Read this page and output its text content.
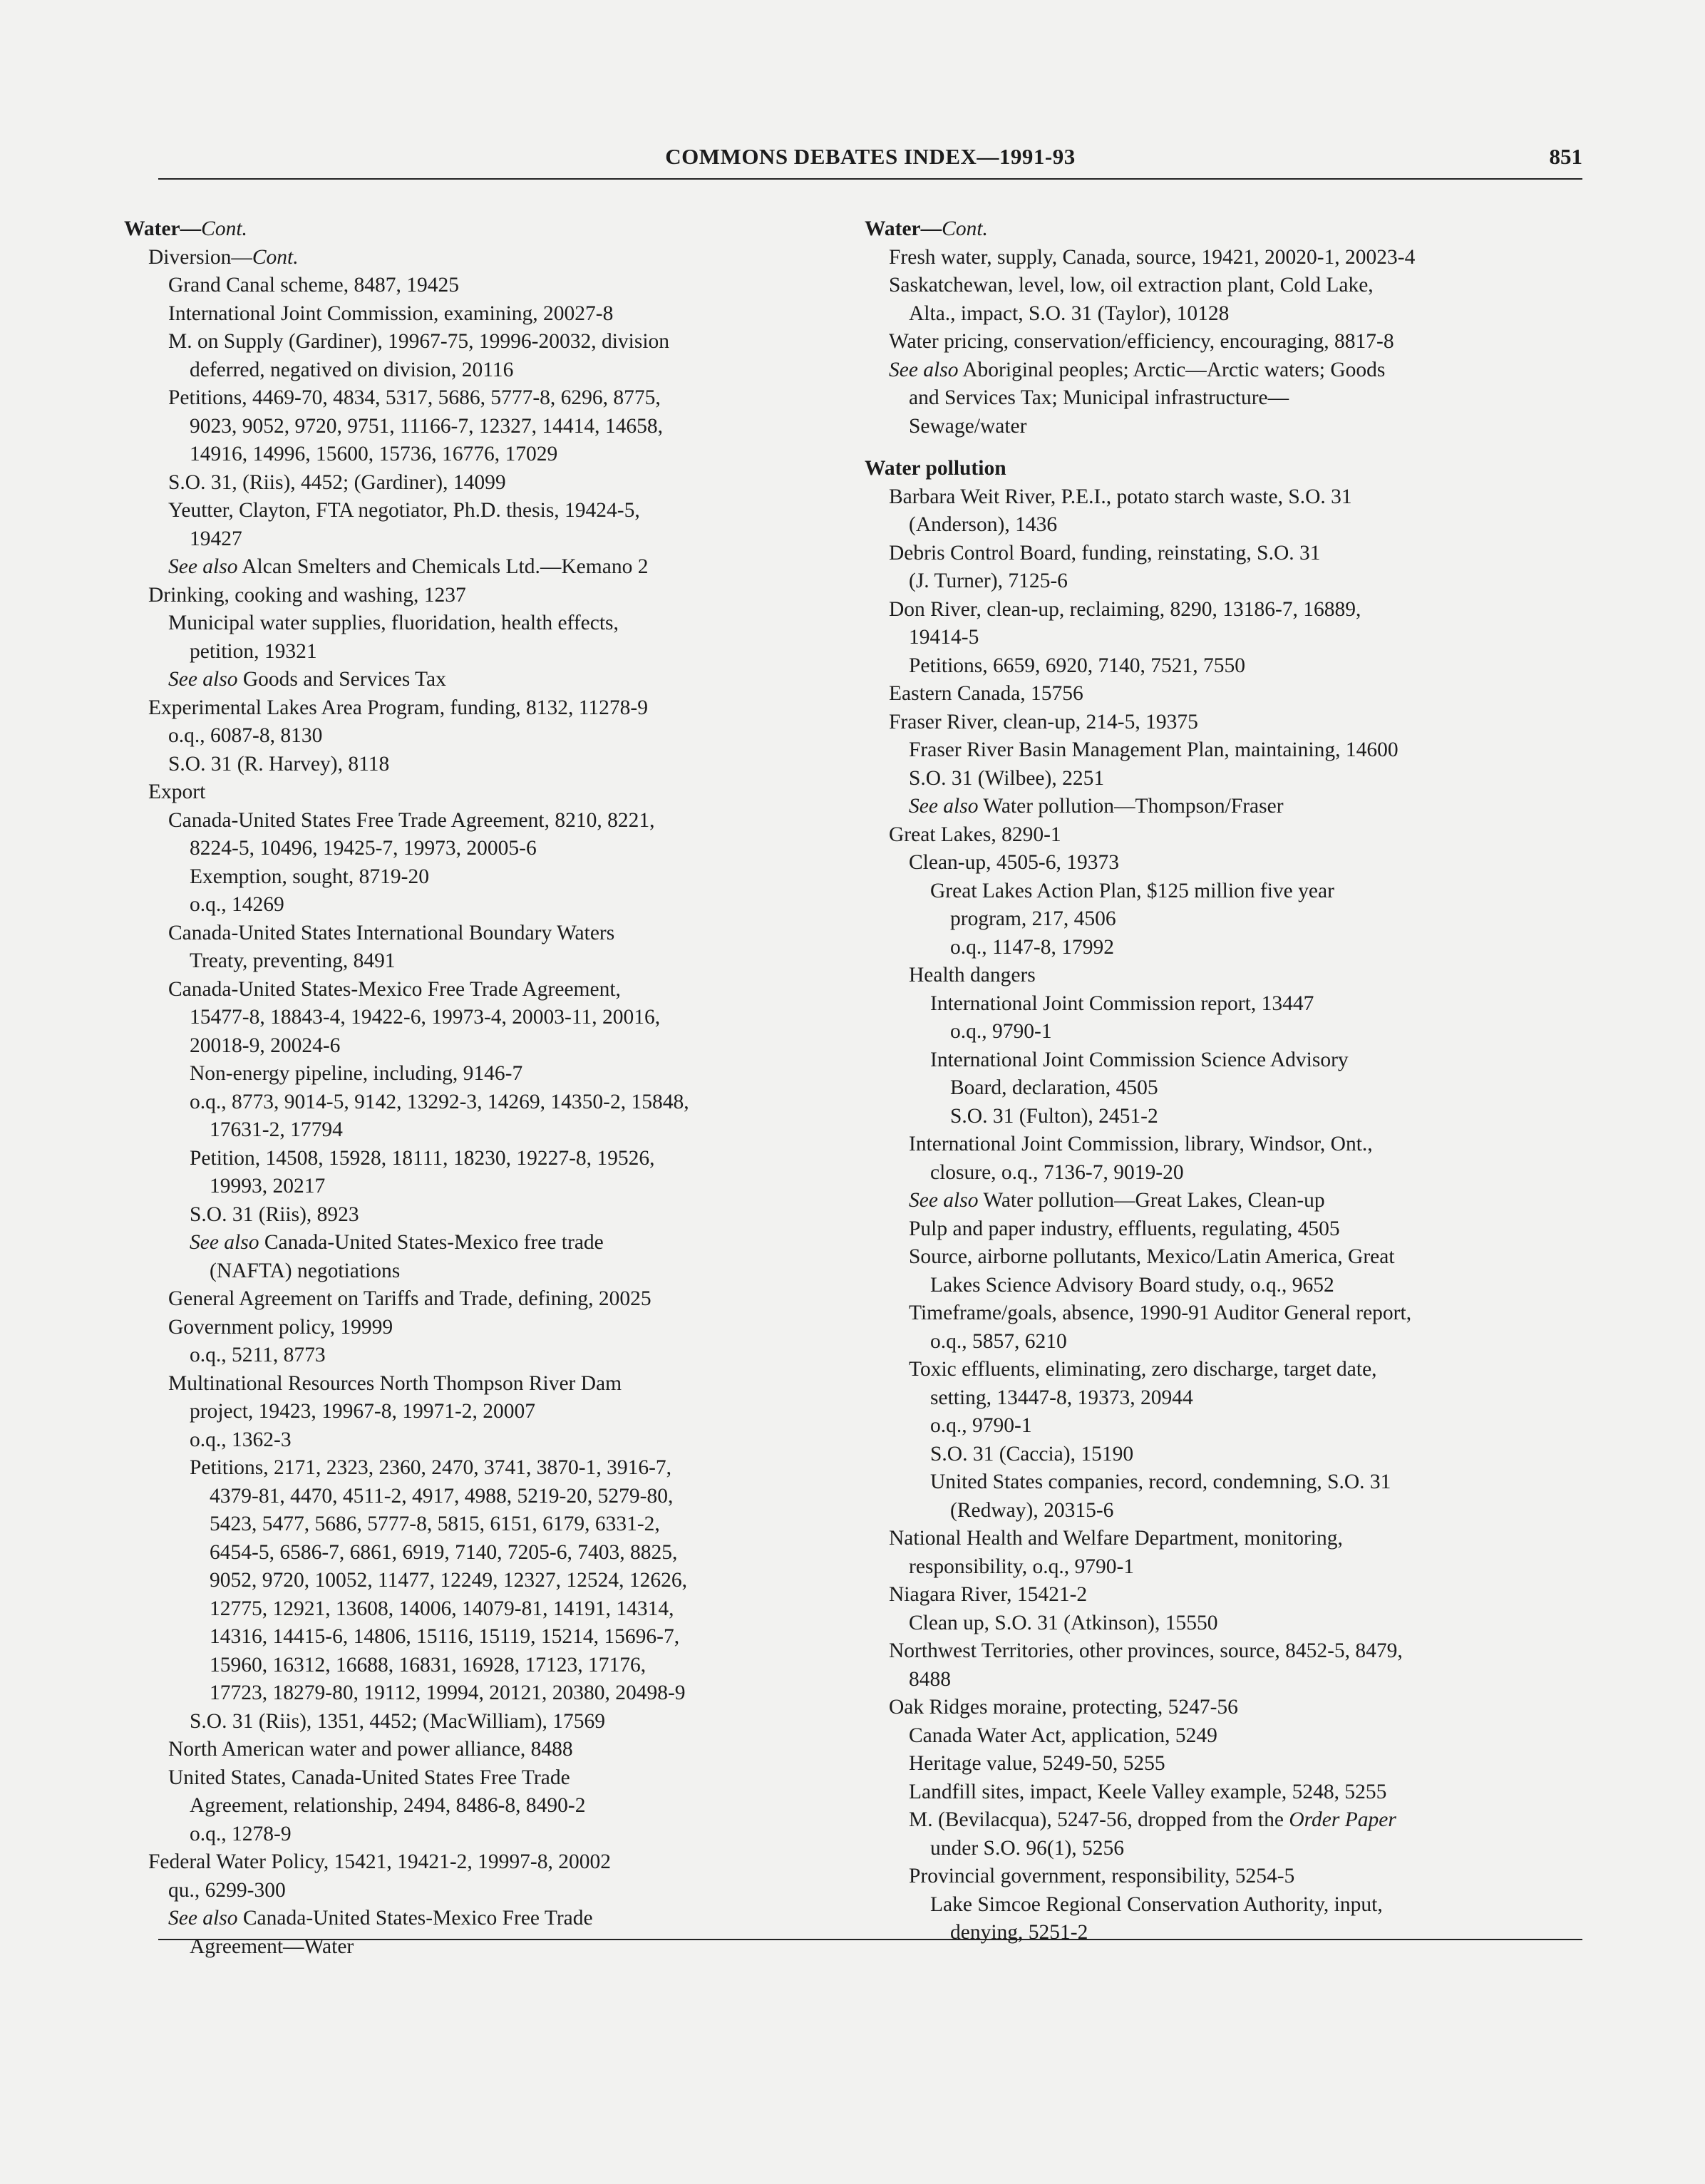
COMMONS DEBATES INDEX—1991-93	851
Water—Cont.
Diversion—Cont.
Grand Canal scheme, 8487, 19425
International Joint Commission, examining, 20027-8
M. on Supply (Gardiner), 19967-75, 19996-20032, division
deferred, negatived on division, 20116
Petitions, 4469-70, 4834, 5317, 5686, 5777-8, 6296, 8775,
9023, 9052, 9720, 9751, 11166-7, 12327, 14414, 14658,
14916, 14996, 15600, 15736, 16776, 17029
S.O. 31, (Riis), 4452; (Gardiner), 14099
Yeutter, Clayton, FTA negotiator, Ph.D. thesis, 19424-5,
19427
See also Alcan Smelters and Chemicals Ltd.—Kemano 2
Drinking, cooking and washing, 1237
Municipal water supplies, fluoridation, health effects,
petition, 19321
See also Goods and Services Tax
Experimental Lakes Area Program, funding, 8132, 11278-9
o.q., 6087-8, 8130
S.O. 31 (R. Harvey), 8118
Export
Canada-United States Free Trade Agreement, 8210, 8221,
8224-5, 10496, 19425-7, 19973, 20005-6
Exemption, sought, 8719-20
o.q., 14269
Canada-United States International Boundary Waters
Treaty, preventing, 8491
Canada-United States-Mexico Free Trade Agreement,
15477-8, 18843-4, 19422-6, 19973-4, 20003-11, 20016,
20018-9, 20024-6
Non-energy pipeline, including, 9146-7
o.q., 8773, 9014-5, 9142, 13292-3, 14269, 14350-2, 15848,
17631-2, 17794
Petition, 14508, 15928, 18111, 18230, 19227-8, 19526,
19993, 20217
S.O. 31 (Riis), 8923
See also Canada-United States-Mexico free trade
(NAFTA) negotiations
General Agreement on Tariffs and Trade, defining, 20025
Government policy, 19999
o.q., 5211, 8773
Multinational Resources North Thompson River Dam
project, 19423, 19967-8, 19971-2, 20007
o.q., 1362-3
Petitions, 2171, 2323, 2360, 2470, 3741, 3870-1, 3916-7,
4379-81, 4470, 4511-2, 4917, 4988, 5219-20, 5279-80,
5423, 5477, 5686, 5777-8, 5815, 6151, 6179, 6331-2,
6454-5, 6586-7, 6861, 6919, 7140, 7205-6, 7403, 8825,
9052, 9720, 10052, 11477, 12249, 12327, 12524, 12626,
12775, 12921, 13608, 14006, 14079-81, 14191, 14314,
14316, 14415-6, 14806, 15116, 15119, 15214, 15696-7,
15960, 16312, 16688, 16831, 16928, 17123, 17176,
17723, 18279-80, 19112, 19994, 20121, 20380, 20498-9
S.O. 31 (Riis), 1351, 4452; (MacWilliam), 17569
North American water and power alliance, 8488
United States, Canada-United States Free Trade
Agreement, relationship, 2494, 8486-8, 8490-2
o.q., 1278-9
Federal Water Policy, 15421, 19421-2, 19997-8, 20002
qu., 6299-300
See also Canada-United States-Mexico Free Trade
Agreement—Water
Water—Cont.
Fresh water, supply, Canada, source, 19421, 20020-1, 20023-4
Saskatchewan, level, low, oil extraction plant, Cold Lake,
Alta., impact, S.O. 31 (Taylor), 10128
Water pricing, conservation/efficiency, encouraging, 8817-8
See also Aboriginal peoples; Arctic—Arctic waters; Goods
and Services Tax; Municipal infrastructure—
Sewage/water
Water pollution
Barbara Weit River, P.E.I., potato starch waste, S.O. 31
(Anderson), 1436
Debris Control Board, funding, reinstating, S.O. 31
(J. Turner), 7125-6
Don River, clean-up, reclaiming, 8290, 13186-7, 16889,
19414-5
Petitions, 6659, 6920, 7140, 7521, 7550
Eastern Canada, 15756
Fraser River, clean-up, 214-5, 19375
Fraser River Basin Management Plan, maintaining, 14600
S.O. 31 (Wilbee), 2251
See also Water pollution—Thompson/Fraser
Great Lakes, 8290-1
Clean-up, 4505-6, 19373
Great Lakes Action Plan, $125 million five year
program, 217, 4506
o.q., 1147-8, 17992
Health dangers
International Joint Commission report, 13447
o.q., 9790-1
International Joint Commission Science Advisory
Board, declaration, 4505
S.O. 31 (Fulton), 2451-2
International Joint Commission, library, Windsor, Ont.,
closure, o.q., 7136-7, 9019-20
See also Water pollution—Great Lakes, Clean-up
Pulp and paper industry, effluents, regulating, 4505
Source, airborne pollutants, Mexico/Latin America, Great
Lakes Science Advisory Board study, o.q., 9652
Timeframe/goals, absence, 1990-91 Auditor General report,
o.q., 5857, 6210
Toxic effluents, eliminating, zero discharge, target date,
setting, 13447-8, 19373, 20944
o.q., 9790-1
S.O. 31 (Caccia), 15190
United States companies, record, condemning, S.O. 31
(Redway), 20315-6
National Health and Welfare Department, monitoring,
responsibility, o.q., 9790-1
Niagara River, 15421-2
Clean up, S.O. 31 (Atkinson), 15550
Northwest Territories, other provinces, source, 8452-5, 8479,
8488
Oak Ridges moraine, protecting, 5247-56
Canada Water Act, application, 5249
Heritage value, 5249-50, 5255
Landfill sites, impact, Keele Valley example, 5248, 5255
M. (Bevilacqua), 5247-56, dropped from the Order Paper
under S.O. 96(1), 5256
Provincial government, responsibility, 5254-5
Lake Simcoe Regional Conservation Authority, input,
denying, 5251-2
